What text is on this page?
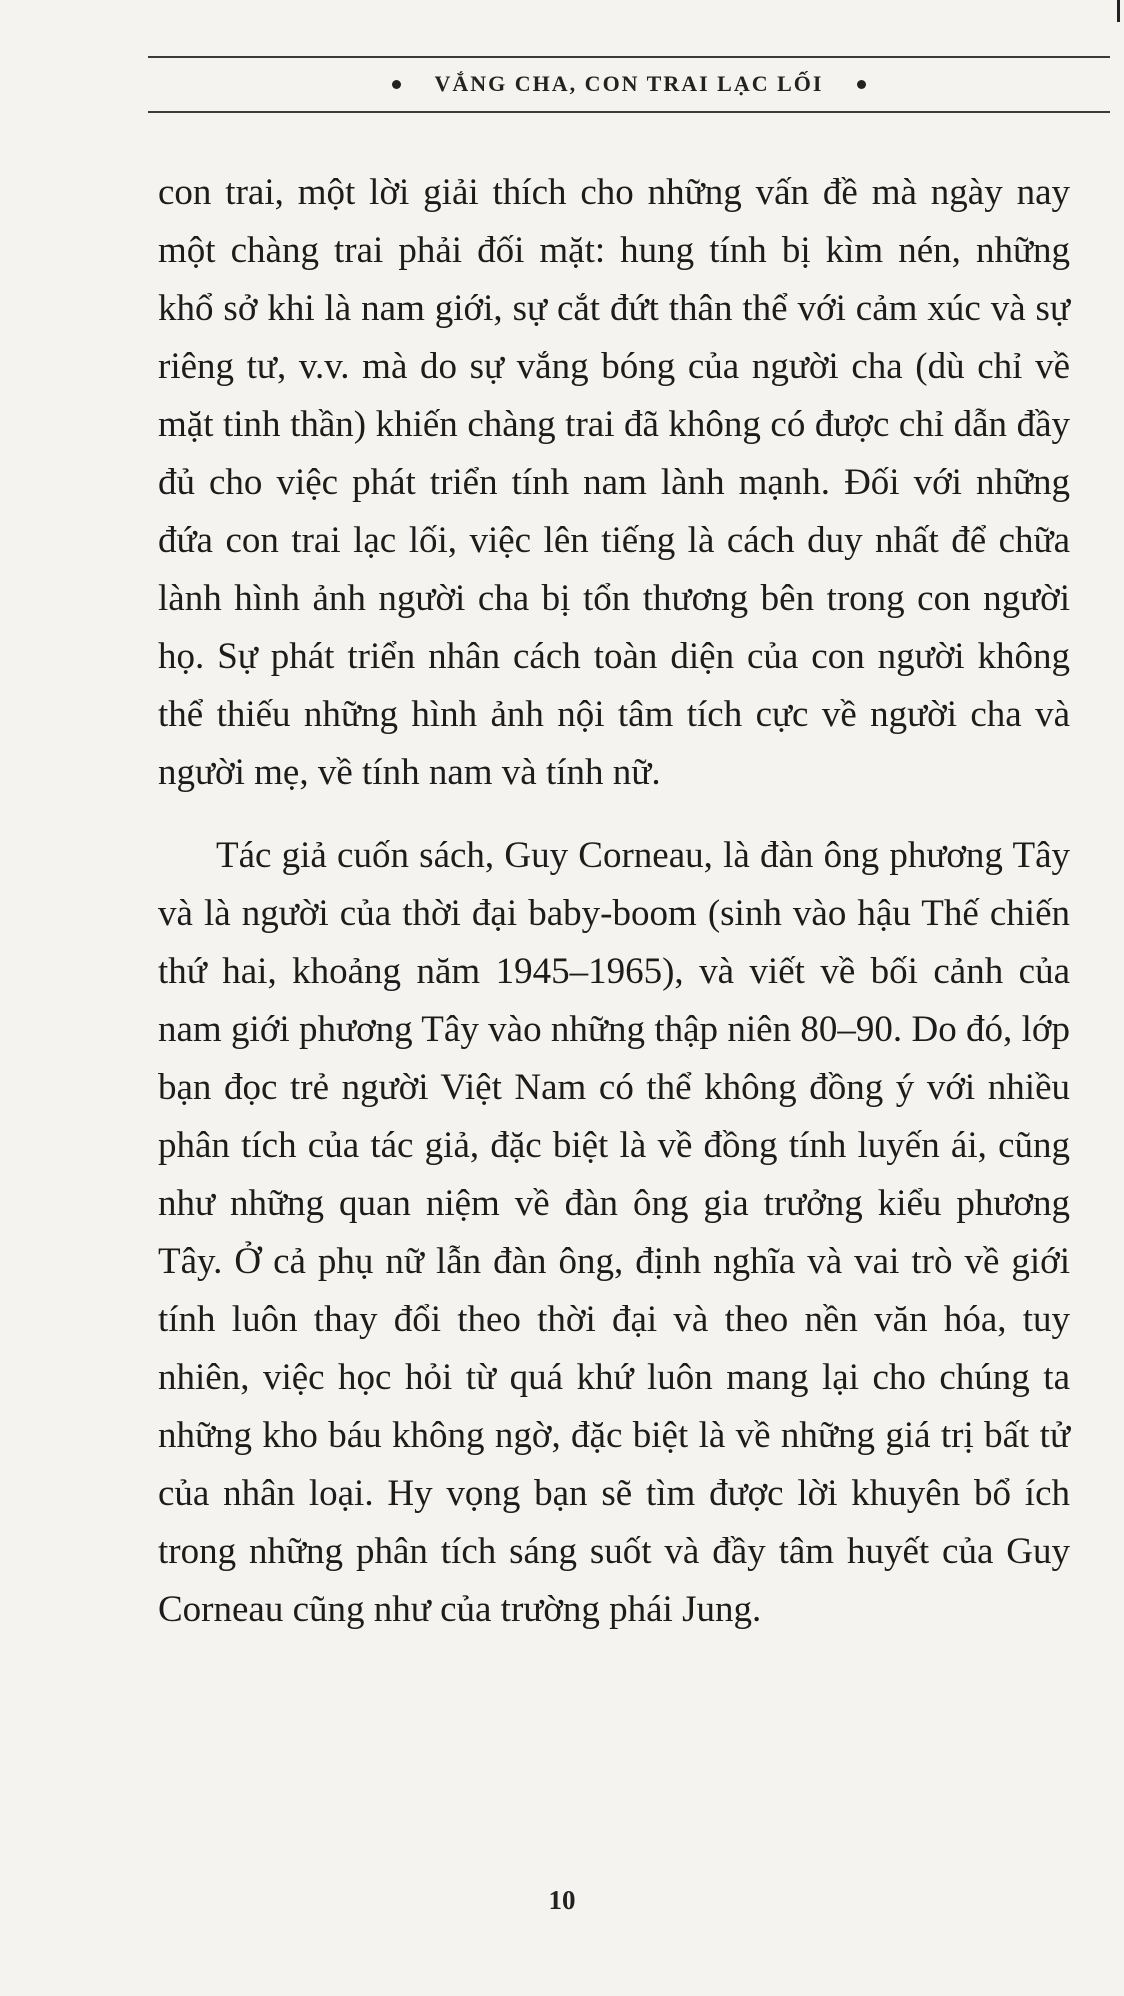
VẮNG CHA, CON TRAI LẠC LỐI

con trai, một lời giải thích cho những vấn đề mà ngày nay một chàng trai phải đối mặt: hung tính bị kìm nén, những khổ sở khi là nam giới, sự cắt đứt thân thể với cảm xúc và sự riêng tư, v.v. mà do sự vắng bóng của người cha (dù chỉ về mặt tinh thần) khiến chàng trai đã không có được chỉ dẫn đầy đủ cho việc phát triển tính nam lành mạnh. Đối với những đứa con trai lạc lối, việc lên tiếng là cách duy nhất để chữa lành hình ảnh người cha bị tổn thương bên trong con người họ. Sự phát triển nhân cách toàn diện của con người không thể thiếu những hình ảnh nội tâm tích cực về người cha và người mẹ, về tính nam và tính nữ.

Tác giả cuốn sách, Guy Corneau, là đàn ông phương Tây và là người của thời đại baby-boom (sinh vào hậu Thế chiến thứ hai, khoảng năm 1945–1965), và viết về bối cảnh của nam giới phương Tây vào những thập niên 80–90. Do đó, lớp bạn đọc trẻ người Việt Nam có thể không đồng ý với nhiều phân tích của tác giả, đặc biệt là về đồng tính luyến ái, cũng như những quan niệm về đàn ông gia trưởng kiểu phương Tây. Ở cả phụ nữ lẫn đàn ông, định nghĩa và vai trò về giới tính luôn thay đổi theo thời đại và theo nền văn hóa, tuy nhiên, việc học hỏi từ quá khứ luôn mang lại cho chúng ta những kho báu không ngờ, đặc biệt là về những giá trị bất tử của nhân loại. Hy vọng bạn sẽ tìm được lời khuyên bổ ích trong những phân tích sáng suốt và đầy tâm huyết của Guy Corneau cũng như của trường phái Jung.

10
